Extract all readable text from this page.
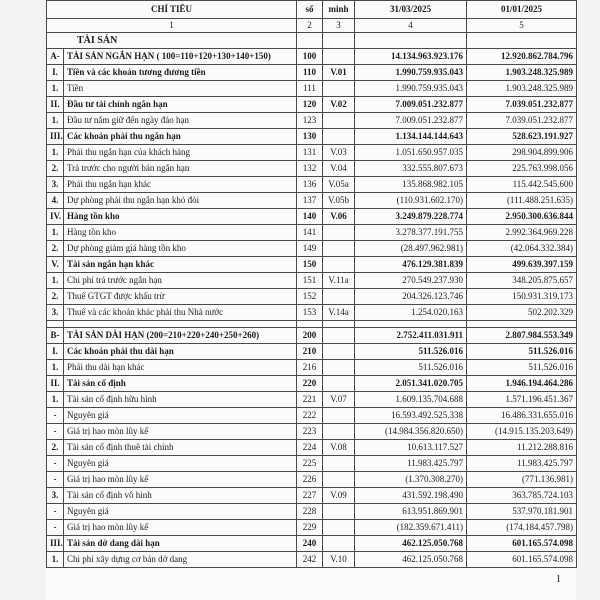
CHỈ TIÊU		số	minh	31/03/2025	01/01/2025
1		2	3	4	5
TÀI SẢN					
A-	TÀI SẢN NGẮN HẠN ( 100=110+120+130+140+150)	100		14.134.963.923.176	12.920.862.784.796
I.	Tiền và các khoản tương đương tiền	110	V.01	1.990.759.935.043	1.903.248.325.989
1.	Tiền	111		1.990.759.935.043	1.903.248.325.989
II.	Đầu tư tài chính ngắn hạn	120	V.02	7.009.051.232.877	7.039.051.232.877
1.	Đầu tư nắm giữ đến ngày đáo hạn	123		7.009.051.232.877	7.039.051.232.877
III.	Các khoản phải thu ngắn hạn	130		1.134.144.144.643	528.623.191.927
1.	Phải thu ngắn hạn của khách hàng	131	V.03	1.051.650.957.035	298.904.899.906
2.	Trả trước cho người bán ngắn hạn	132	V.04	332.555.807.673	225.763.998.056
3.	Phải thu ngắn hạn khác	136	V.05a	135.868.982.105	115.442.545.600
4.	Dự phòng phải thu ngắn hạn khó đòi	137	V.05b	(110.931.602.170)	(111.488.251.635)
IV.	Hàng tồn kho	140	V.06	3.249.879.228.774	2.950.300.636.844
1.	Hàng tồn kho	141		3.278.377.191.755	2.992.364.969.228
2.	Dự phòng giảm giá hàng tồn kho	149		(28.497.962.981)	(42.064.332.384)
V.	Tài sản ngắn hạn khác	150		476.129.381.839	499.639.397.159
1.	Chi phí trả trước ngắn hạn	151	V.11a	270.549.237.930	348.205.875.657
2.	Thuế GTGT được khấu trừ	152		204.326.123.746	150.931.319.173
3.	Thuế và các khoản khác phải thu Nhà nước	153	V.14a	1.254.020.163	502.202.329

B-	TÀI SẢN DÀI HẠN (200=210+220+240+250+260)	200		2.752.411.031.911	2.807.984.553.349
I.	Các khoản phải thu dài hạn	210		511.526.016	511.526.016
1.	Phải thu dài hạn khác	216		511.526.016	511.526.016
II.	Tài sản cố định	220		2.051.341.020.705	1.946.194.464.286
1.	Tài sản cố định hữu hình	221	V.07	1.609.135.704.688	1.571.196.451.367
-	Nguyên giá	222		16.593.492.525.338	16.486.331.655.016
-	Giá trị hao mòn lũy kế	223		(14.984.356.820.650)	(14.915.135.203.649)
2.	Tài sản cố định thuê tài chính	224	V.08	10.613.117.527	11.212.288.816
-	Nguyên giá	225		11.983.425.797	11.983.425.797
-	Giá trị hao mòn lũy kế	226		(1.370.308.270)	(771.136.981)
3.	Tài sản cố định vô hình	227	V.09	431.592.198.490	363.785.724.103
-	Nguyên giá	228		613.951.869.901	537.970.181.901
-	Giá trị hao mòn lũy kế	229		(182.359.671.411)	(174.184.457.798)
III.	Tài sản dở dang dài hạn	240		462.125.050.768	601.165.574.098
1.	Chi phí xây dựng cơ bản dở dang	242	V.10	462.125.050.768	601.165.574.098
1
